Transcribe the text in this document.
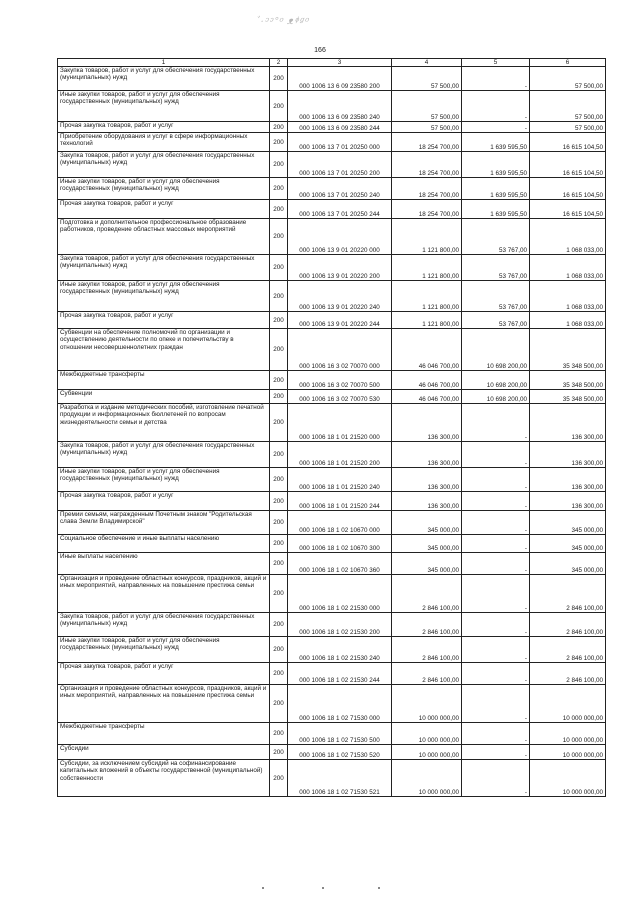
ﾞ·ᵓᵓ°ᵒ ᴥᶲᵍᵒ
166
1	2	3	4	5	6
Закупка товаров, работ и услуг для обеспечения государственных (муниципальных) нужд	200	000 1006 13 6 09 23580 200	57 500,00	-	57 500,00
Иные закупки товаров, работ и услуг для обеспечения государственных (муниципальных) нужд	200	000 1006 13 6 09 23580 240	57 500,00	-	57 500,00
Прочая закупка товаров, работ и услуг	200	000 1006 13 6 09 23580 244	57 500,00	-	57 500,00
Приобретение оборудования и услуг в сфере информационных технологий	200	000 1006 13 7 01 20250 000	18 254 700,00	1 639 595,50	16 615 104,50
Закупка товаров, работ и услуг для обеспечения государственных (муниципальных) нужд	200	000 1006 13 7 01 20250 200	18 254 700,00	1 639 595,50	16 615 104,50
Иные закупки товаров, работ и услуг для обеспечения государственных (муниципальных) нужд	200	000 1006 13 7 01 20250 240	18 254 700,00	1 639 595,50	16 615 104,50
Прочая закупка товаров, работ и услуг	200	000 1006 13 7 01 20250 244	18 254 700,00	1 639 595,50	16 615 104,50
Подготовка и дополнительное профессиональное образование работников, проведение областных массовых мероприятий	200	000 1006 13 9 01 20220 000	1 121 800,00	53 767,00	1 068 033,00
Закупка товаров, работ и услуг для обеспечения государственных (муниципальных) нужд	200	000 1006 13 9 01 20220 200	1 121 800,00	53 767,00	1 068 033,00
Иные закупки товаров, работ и услуг для обеспечения государственных (муниципальных) нужд	200	000 1006 13 9 01 20220 240	1 121 800,00	53 767,00	1 068 033,00
Прочая закупка товаров, работ и услуг	200	000 1006 13 9 01 20220 244	1 121 800,00	53 767,00	1 068 033,00
Субвенции на обеспечение полномочий по организации и осуществлению деятельности по опеке и попечительству в отношении несовершеннолетних граждан	200	000 1006 16 3 02 70070 000	46 046 700,00	10 698 200,00	35 348 500,00
Межбюджетные трансферты	200	000 1006 16 3 02 70070 500	46 046 700,00	10 698 200,00	35 348 500,00
Субвенции	200	000 1006 16 3 02 70070 530	46 046 700,00	10 698 200,00	35 348 500,00
Разработка и издание методических пособий, изготовление печатной продукции и информационных бюллетеней по вопросам жизнедеятельности семьи и детства	200	000 1006 18 1 01 21520 000	136 300,00	-	136 300,00
Закупка товаров, работ и услуг для обеспечения государственных (муниципальных) нужд	200	000 1006 18 1 01 21520 200	136 300,00	-	136 300,00
Иные закупки товаров, работ и услуг для обеспечения государственных (муниципальных) нужд	200	000 1006 18 1 01 21520 240	136 300,00	-	136 300,00
Прочая закупка товаров, работ и услуг	200	000 1006 18 1 01 21520 244	136 300,00	-	136 300,00
Премии семьям, награжденным Почетным знаком "Родительская слава Земли Владимирской"	200	000 1006 18 1 02 10670 000	345 000,00	-	345 000,00
Социальное обеспечение и иные выплаты населению	200	000 1006 18 1 02 10670 300	345 000,00	-	345 000,00
Иные выплаты населению	200	000 1006 18 1 02 10670 360	345 000,00	-	345 000,00
Организация и проведение областных конкурсов, праздников, акций и иных мероприятий, направленных на повышение престижа семьи	200	000 1006 18 1 02 21530 000	2 846 100,00	-	2 846 100,00
Закупка товаров, работ и услуг для обеспечения государственных (муниципальных) нужд	200	000 1006 18 1 02 21530 200	2 846 100,00	-	2 846 100,00
Иные закупки товаров, работ и услуг для обеспечения государственных (муниципальных) нужд	200	000 1006 18 1 02 21530 240	2 846 100,00	-	2 846 100,00
Прочая закупка товаров, работ и услуг	200	000 1006 18 1 02 21530 244	2 846 100,00	-	2 846 100,00
Организация и проведение областных конкурсов, праздников, акций и иных мероприятий, направленных на повышение престижа семьи	200	000 1006 18 1 02 71530 000	10 000 000,00	-	10 000 000,00
Межбюджетные трансферты	200	000 1006 18 1 02 71530 500	10 000 000,00	-	10 000 000,00
Субсидии	200	000 1006 18 1 02 71530 520	10 000 000,00	-	10 000 000,00
Субсидии, за исключением субсидий на софинансирование капитальных вложений в объекты государственной (муниципальной) собственности	200	000 1006 18 1 02 71530 521	10 000 000,00	-	10 000 000,00
